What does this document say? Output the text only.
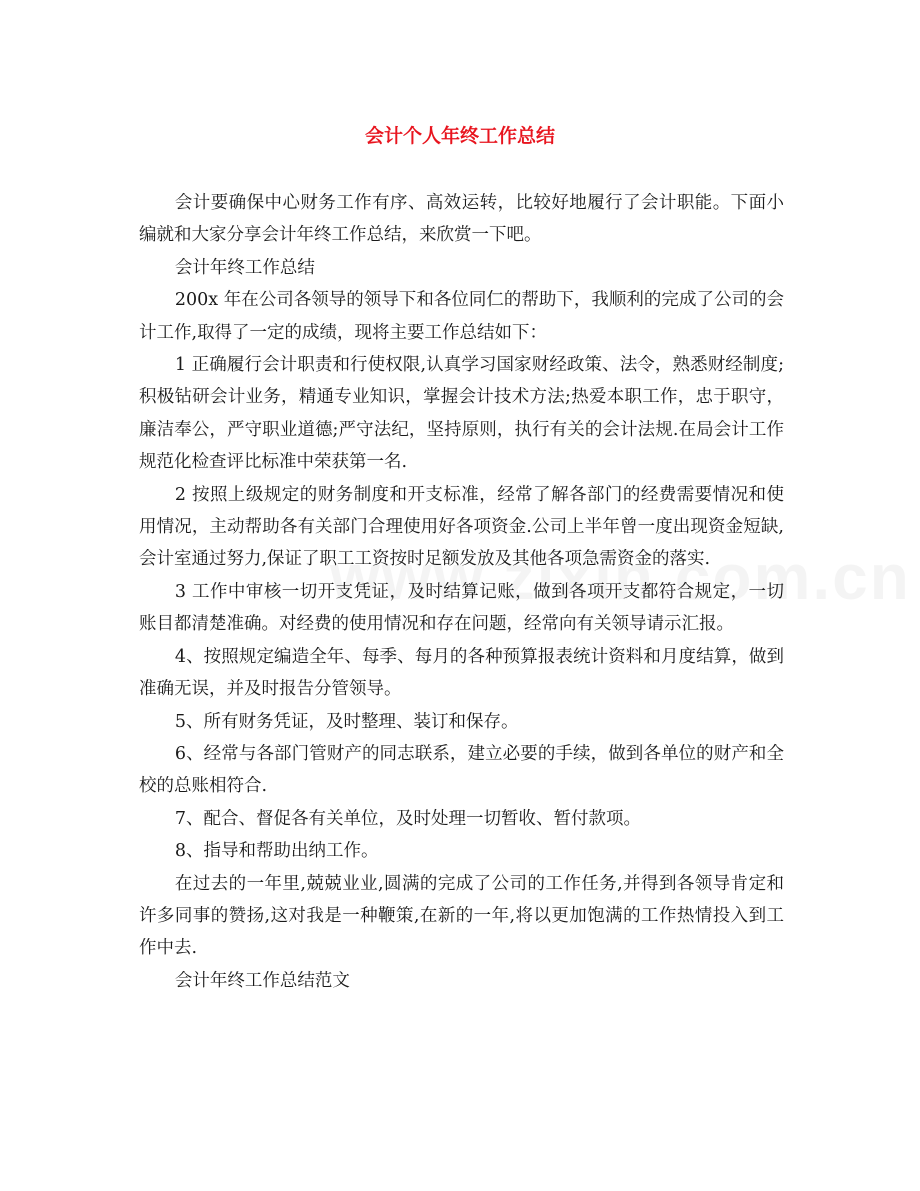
会计个人年终工作总结

会计要确保中心财务工作有序、高效运转，比较好地履行了会计职能。下面小编就和大家分享会计年终工作总结，来欣赏一下吧。

会计年终工作总结

200x 年在公司各领导的领导下和各位同仁的帮助下，我顺利的完成了公司的会计工作,取得了一定的成绩，现将主要工作总结如下：

1 正确履行会计职责和行使权限,认真学习国家财经政策、法令，熟悉财经制度;积极钻研会计业务，精通专业知识，掌握会计技术方法;热爱本职工作，忠于职守，廉洁奉公，严守职业道德;严守法纪，坚持原则，执行有关的会计法规.在局会计工作规范化检查评比标准中荣获第一名.

2 按照上级规定的财务制度和开支标准，经常了解各部门的经费需要情况和使用情况，主动帮助各有关部门合理使用好各项资金.公司上半年曾一度出现资金短缺,会计室通过努力,保证了职工工资按时足额发放及其他各项急需资金的落实.

3 工作中审核一切开支凭证，及时结算记账，做到各项开支都符合规定，一切账目都清楚准确。对经费的使用情况和存在问题，经常向有关领导请示汇报。

4、按照规定编造全年、每季、每月的各种预算报表统计资料和月度结算，做到准确无误，并及时报告分管领导。

5、所有财务凭证，及时整理、装订和保存。

6、经常与各部门管财产的同志联系，建立必要的手续，做到各单位的财产和全校的总账相符合.

7、配合、督促各有关单位，及时处理一切暂收、暂付款项。

8、指导和帮助出纳工作。

在过去的一年里,兢兢业业,圆满的完成了公司的工作任务,并得到各领导肯定和许多同事的赞扬,这对我是一种鞭策,在新的一年,将以更加饱满的工作热情投入到工作中去.

会计年终工作总结范文
